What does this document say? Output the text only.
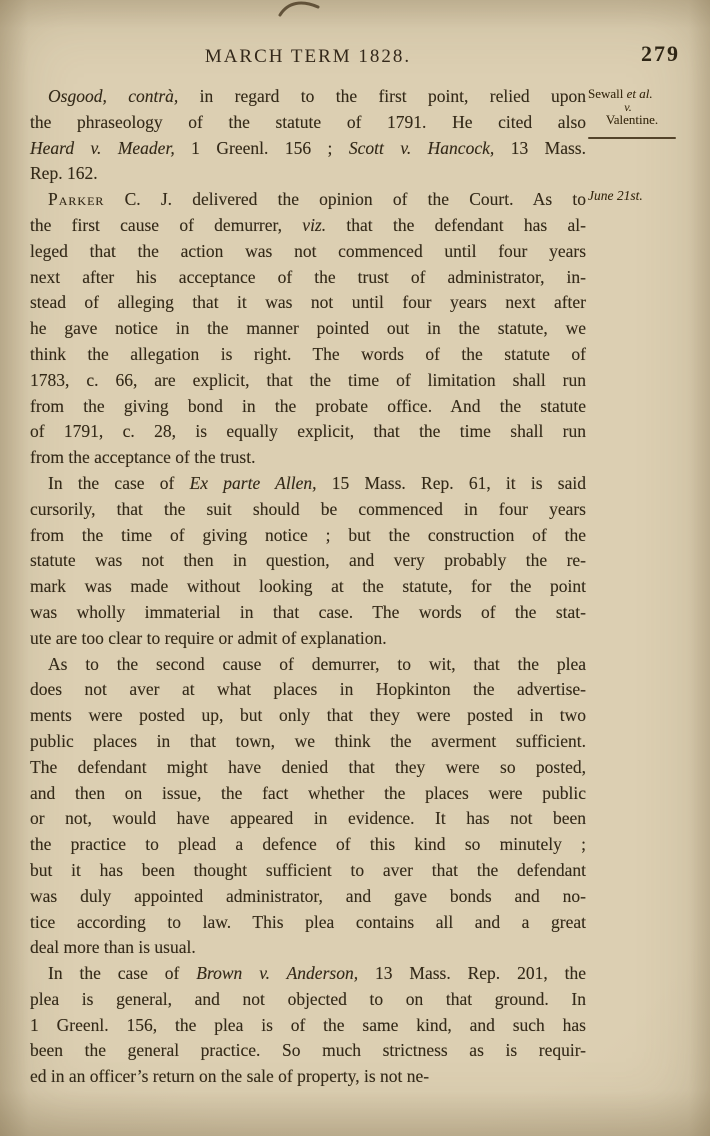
MARCH TERM 1828.	279
Sewall et al.
v.
Valentine.
June 21st.
Osgood, contrà, in regard to the first point, relied upon
the phraseology of the statute of 1791. He cited also
Heard v. Meader, 1 Greenl. 156 ; Scott v. Hancock, 13 Mass.
Rep. 162.
Parker C. J. delivered the opinion of the Court. As to
the first cause of demurrer, viz. that the defendant has al-
leged that the action was not commenced until four years
next after his acceptance of the trust of administrator, in-
stead of alleging that it was not until four years next after
he gave notice in the manner pointed out in the statute, we
think the allegation is right. The words of the statute of
1783, c. 66, are explicit, that the time of limitation shall run
from the giving bond in the probate office. And the statute
of 1791, c. 28, is equally explicit, that the time shall run
from the acceptance of the trust.
In the case of Ex parte Allen, 15 Mass. Rep. 61, it is said
cursorily, that the suit should be commenced in four years
from the time of giving notice ; but the construction of the
statute was not then in question, and very probably the re-
mark was made without looking at the statute, for the point
was wholly immaterial in that case. The words of the stat-
ute are too clear to require or admit of explanation.
As to the second cause of demurrer, to wit, that the plea
does not aver at what places in Hopkinton the advertise-
ments were posted up, but only that they were posted in two
public places in that town, we think the averment sufficient.
The defendant might have denied that they were so posted,
and then on issue, the fact whether the places were public
or not, would have appeared in evidence. It has not been
the practice to plead a defence of this kind so minutely ;
but it has been thought sufficient to aver that the defendant
was duly appointed administrator, and gave bonds and no-
tice according to law. This plea contains all and a great
deal more than is usual.
In the case of Brown v. Anderson, 13 Mass. Rep. 201, the
plea is general, and not objected to on that ground. In
1 Greenl. 156, the plea is of the same kind, and such has
been the general practice. So much strictness as is requir-
ed in an officer’s return on the sale of property, is not ne-
